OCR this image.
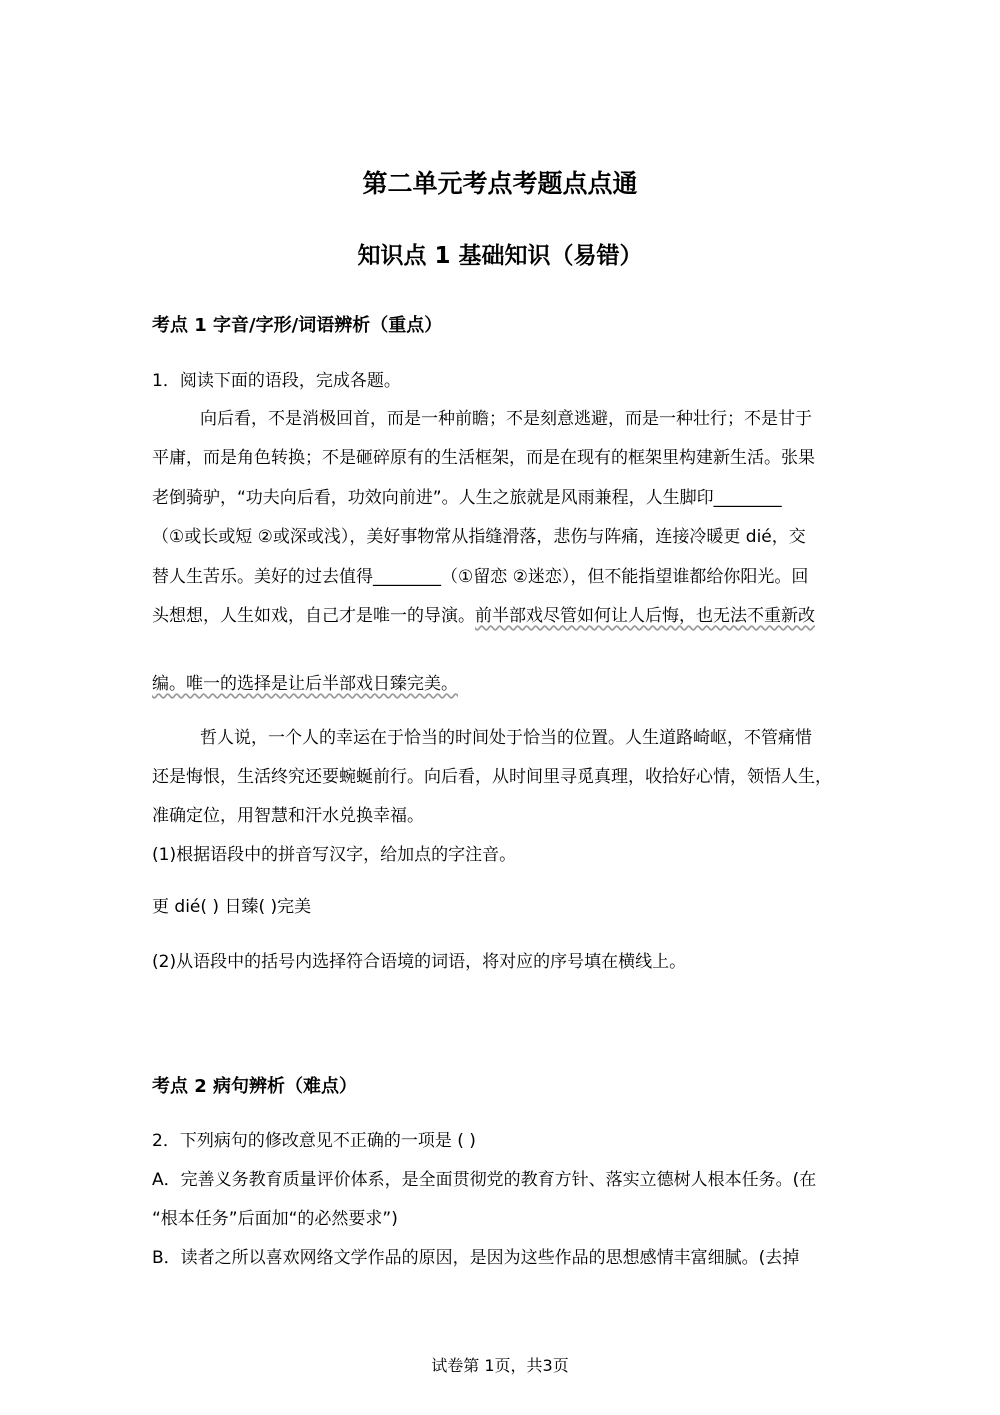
第二单元考点考题点点通
知识点 1 基础知识（易错）
考点 1 字音/字形/词语辨析（重点）
1．阅读下面的语段，完成各题。
向后看，不是消极回首，而是一种前瞻；不是刻意逃避，而是一种壮行；不是甘于
平庸，而是角色转换；不是砸碎原有的生活框架，而是在现有的框架里构建新生活。张果
老倒骑驴，“功夫向后看，功效向前进”。人生之旅就是风雨兼程，人生脚印________
（①或长或短 ②或深或浅），美好事物常从指缝滑落，悲伤与阵痛，连接冷暖更 dié，交
替人生苦乐。美好的过去值得________（①留恋 ②迷恋），但不能指望谁都给你阳光。回
头想想，人生如戏，自己才是唯一的导演。前半部戏尽管如何让人后悔，也无法不重新改
编。唯一的选择是让后半部戏日臻完美。
哲人说，一个人的幸运在于恰当的时间处于恰当的位置。人生道路崎岖，不管痛惜
还是悔恨，生活终究还要蜿蜒前行。向后看，从时间里寻觅真理，收拾好心情，领悟人生，
准确定位，用智慧和汗水兑换幸福。
(1)根据语段中的拼音写汉字，给加点的字注音。
更 dié( ) 日臻( )完美
(2)从语段中的括号内选择符合语境的词语，将对应的序号填在横线上。
考点 2 病句辨析（难点）
2．下列病句的修改意见不正确的一项是 ( )
A．完善义务教育质量评价体系，是全面贯彻党的教育方针、落实立德树人根本任务。(在
“根本任务”后面加“的必然要求”)
B．读者之所以喜欢网络文学作品的原因，是因为这些作品的思想感情丰富细腻。(去掉
试卷第 1页，共3页
